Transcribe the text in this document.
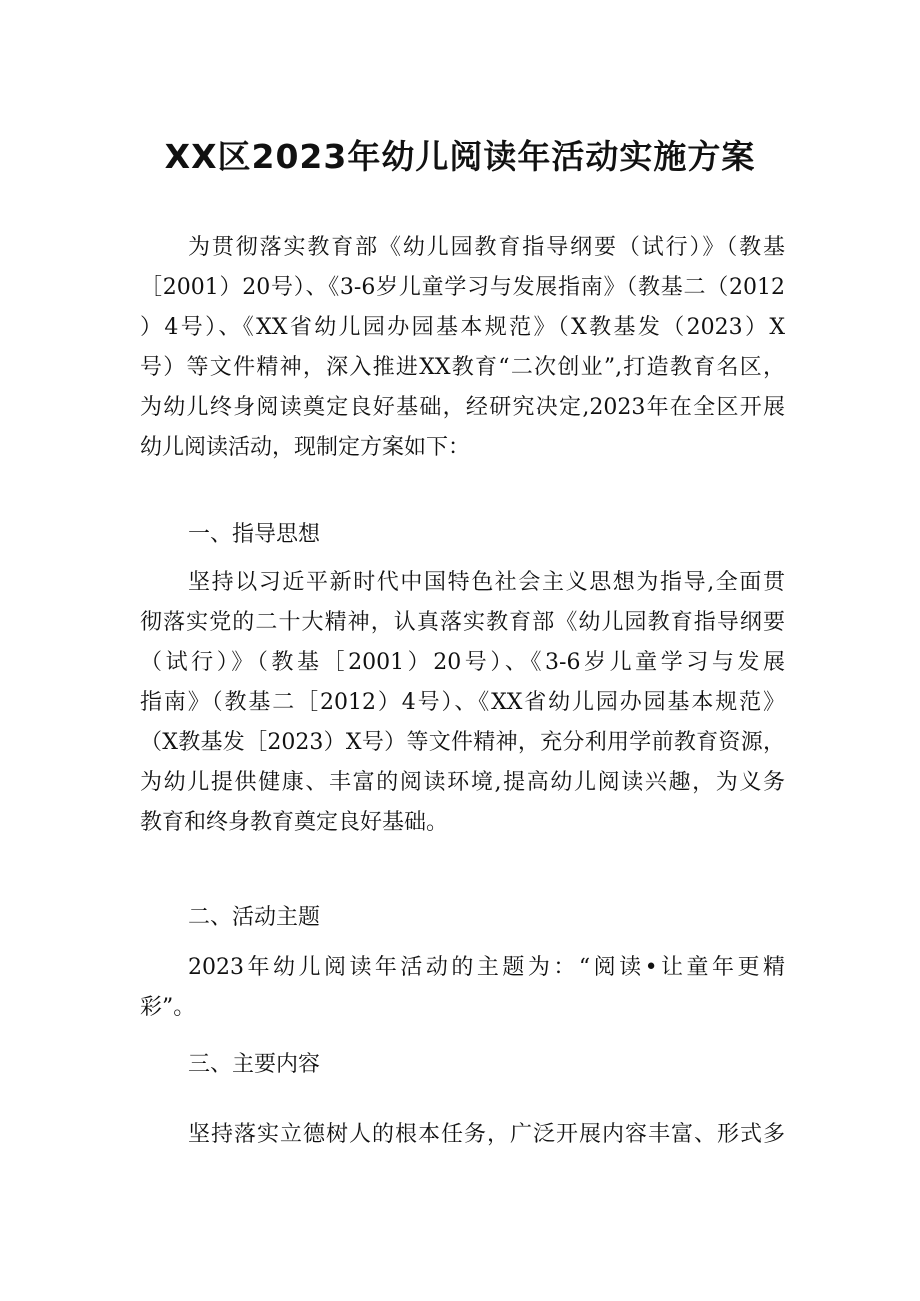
XX区2023年幼儿阅读年活动实施方案
为贯彻落实教育部《幼儿园教育指导纲要（试行）》（教基
［2001）20号）、《3-6岁儿童学习与发展指南》（教基二（2012
）4号）、《XX省幼儿园办园基本规范》（X教基发（2023）X
号）等文件精神，深入推进XX教育“二次创业”,打造教育名区，
为幼儿终身阅读奠定良好基础，经研究决定,2023年在全区开展
幼儿阅读活动，现制定方案如下：
一、指导思想
坚持以习近平新时代中国特色社会主义思想为指导,全面贯
彻落实党的二十大精神，认真落实教育部《幼儿园教育指导纲要
（试行）》（教基［2001）20号）、《3-6岁儿童学习与发展
指南》（教基二［2012）4号）、《XX省幼儿园办园基本规范》
（X教基发［2023）X号）等文件精神，充分利用学前教育资源，
为幼儿提供健康、丰富的阅读环境,提高幼儿阅读兴趣，为义务
教育和终身教育奠定良好基础。
二、活动主题
2023年幼儿阅读年活动的主题为：“阅读•让童年更精
彩”。
三、主要内容
坚持落实立德树人的根本任务，广泛开展内容丰富、形式多
